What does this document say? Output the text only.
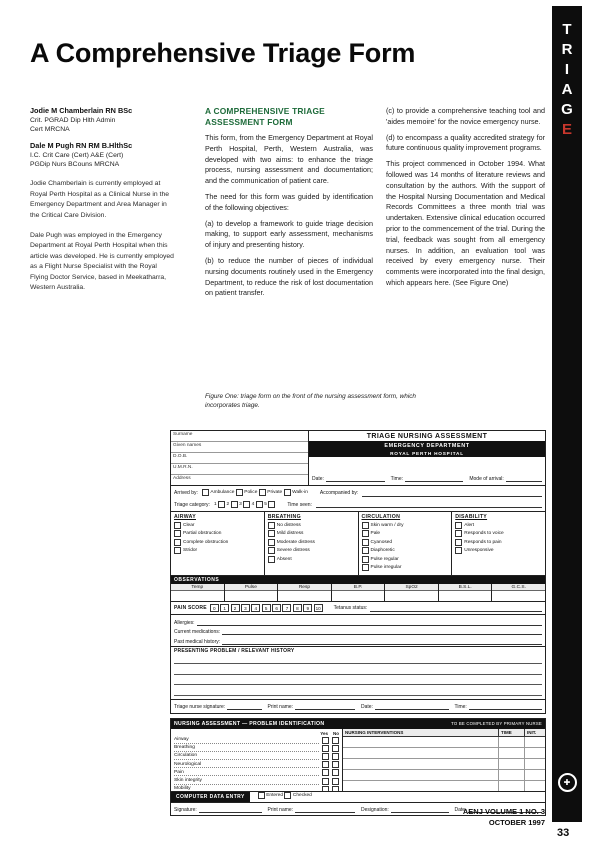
T
R
I
A
G
E
✚
A Comprehensive Triage Form
Jodie M Chamberlain RN BSc
Crit. PGRAD Dip Hlth Admin
Cert MRCNA
Dale M Pugh RN RM B.HlthSc
I.C. Crit Care (Cert) A&E (Cert)
PGDip Nurs BCouns MRCNA

Jodie Chamberlain is currently employed at Royal Perth Hospital as a Clinical Nurse in the Emergency Department and Area Manager in the Critical Care Division.

Dale Pugh was employed in the Emergency Department at Royal Perth Hospital when this article was developed. He is currently employed as a Flight Nurse Specialist with the Royal Flying Doctor Service, based in Meekatharra, Western Australia.

A COMPREHENSIVE TRIAGE
ASSESSMENT FORM

This form, from the Emergency Department at Royal Perth Hospital, Perth, Western Australia, was developed with two aims: to enhance the triage process, nursing assessment and documentation; and the communication of patient care.

The need for this form was guided by identification of the following objectives:

(a) to develop a framework to guide triage decision making, to support early assessment, mechanisms of injury and presenting history.

(b) to reduce the number of pieces of individual nursing documents routinely used in the Emergency Department, to reduce the risk of lost documentation on patient transfer.

(c) to provide a comprehensive teaching tool and 'aides memoire' for the novice emergency nurse.

(d) to encompass a quality accredited strategy for future continuous quality improvement programs.

This project commenced in October 1994. What followed was 14 months of literature reviews and consultation by the authors. With the support of the Hospital Nursing Documentation and Medical Records Committees a three month trial was undertaken. Extensive clinical education occurred prior to the commencement of the trial. During the trial, feedback was sought from all emergency nurses. In addition, an evaluation tool was received by every emergency nurse. Their comments were incorporated into the final design, which appears here. (See Figure One)

Figure One: triage form on the front of the nursing assessment form, which incorporates triage.
Surname
Given names
D.O.B.
U.M.R.N.
Address
TRIAGE NURSING ASSESSMENT
EMERGENCY DEPARTMENT
ROYAL PERTH HOSPITAL
Date:	Time:	Mode of arrival:
Arrived by:	Ambulance
Police
Private
Walk-in Accompanied by:
Triage category: 1
2
3
4
5	Time seen:
AIRWAY
Clear
Partial obstruction
Complete obstruction
Stridor
BREATHING
No distress
Mild distress
Moderate distress
Severe distress
Absent
CIRCULATION
Skin warm / dry
Pale
Cyanosed
Diaphoretic
Pulse regular
Pulse irregular
DISABILITY
Alert
Responds to voice
Responds to pain
Unresponsive
OBSERVATIONS
Temp	Pulse	Resp	B.P.	SpO2	B.S.L.	G.C.S.
PAIN SCORE	0 1 2 3 4 5 6 7 8 9 10	Tetanus status:
Allergies:
Current medications:
Past medical history:
PRESENTING PROBLEM / RELEVANT HISTORY
Triage nurse signature:	Print name:	Date:	Time:
NURSING ASSESSMENT — PROBLEM IDENTIFICATION	TO BE COMPLETED BY PRIMARY NURSE
Yes No
Airway
Breathing
Circulation
Neurological
Pain
Skin integrity
Mobility
NURSING INTERVENTIONS	TIME	INIT.
COMPUTER DATA ENTRY	Entered
Checked
Signature:	Print name:	Designation:	Date:
AENJ VOLUME 1 NO. 3
OCTOBER 1997
33
